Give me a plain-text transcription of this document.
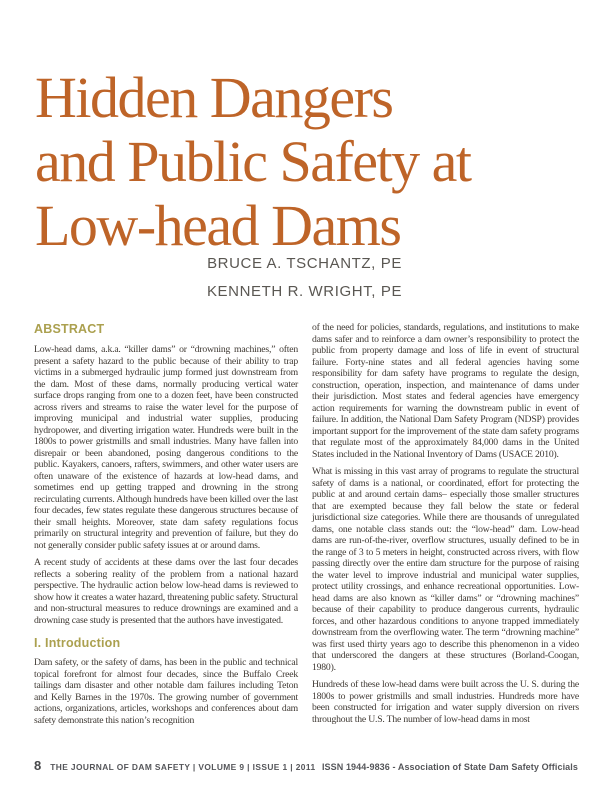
Hidden Dangers
and Public Safety at
Low-head Dams
BRUCE A. TSCHANTZ, PE
KENNETH R. WRIGHT, PE
ABSTRACT

Low-head dams, a.k.a. “killer dams” or “drowning machines,” often present a safety hazard to the public because of their ability to trap victims in a submerged hydraulic jump formed just downstream from the dam. Most of these dams, normally producing vertical water surface drops ranging from one to a dozen feet, have been constructed across rivers and streams to raise the water level for the purpose of improving municipal and industrial water supplies, producing hydropower, and diverting irrigation water. Hundreds were built in the 1800s to power gristmills and small industries. Many have fallen into disrepair or been abandoned, posing dangerous conditions to the public. Kayakers, canoers, rafters, swimmers, and other water users are often unaware of the existence of hazards at low-head dams, and sometimes end up getting trapped and drowning in the strong recirculating currents. Although hundreds have been killed over the last four decades, few states regulate these dangerous structures because of their small heights. Moreover, state dam safety regulations focus primarily on structural integrity and prevention of failure, but they do not generally consider public safety issues at or around dams.

A recent study of accidents at these dams over the last four decades reflects a sobering reality of the problem from a national hazard perspective. The hydraulic action below low-head dams is reviewed to show how it creates a water hazard, threatening public safety. Structural and non-structural measures to reduce drownings are examined and a drowning case study is presented that the authors have investigated.

I. Introduction

Dam safety, or the safety of dams, has been in the public and technical topical forefront for almost four decades, since the Buffalo Creek tailings dam disaster and other notable dam failures including Teton and Kelly Barnes in the 1970s. The growing number of government actions, organizations, articles, workshops and conferences about dam safety demonstrate this nation’s recognition

of the need for policies, standards, regulations, and institutions to make dams safer and to reinforce a dam owner’s responsibility to protect the public from property damage and loss of life in event of structural failure. Forty-nine states and all federal agencies having some responsibility for dam safety have programs to regulate the design, construction, operation, inspection, and maintenance of dams under their jurisdiction. Most states and federal agencies have emergency action requirements for warning the downstream public in event of failure. In addition, the National Dam Safety Program (NDSP) provides important support for the improvement of the state dam safety programs that regulate most of the approximately 84,000 dams in the United States included in the National Inventory of Dams (USACE 2010).

What is missing in this vast array of programs to regulate the structural safety of dams is a national, or coordinated, effort for protecting the public at and around certain dams– especially those smaller structures that are exempted because they fall below the state or federal jurisdictional size categories. While there are thousands of unregulated dams, one notable class stands out: the “low-head” dam. Low-head dams are run-of-the-river, overflow structures, usually defined to be in the range of 3 to 5 meters in height, constructed across rivers, with flow passing directly over the entire dam structure for the purpose of raising the water level to improve industrial and municipal water supplies, protect utility crossings, and enhance recreational opportunities. Low-head dams are also known as “killer dams” or “drowning machines” because of their capability to produce dangerous currents, hydraulic forces, and other hazardous conditions to anyone trapped immediately downstream from the overflowing water. The term “drowning machine” was first used thirty years ago to describe this phenomenon in a video that underscored the dangers at these structures (Borland-Coogan, 1980).

Hundreds of these low-head dams were built across the U. S. during the 1800s to power gristmills and small industries. Hundreds more have been constructed for irrigation and water supply diversion on rivers throughout the U.S. The number of low-head dams in most

8 THE JOURNAL OF DAM SAFETY | VOLUME 9 | ISSUE 1 | 2011 ISSN 1944-9836 - Association of State Dam Safety Officials
